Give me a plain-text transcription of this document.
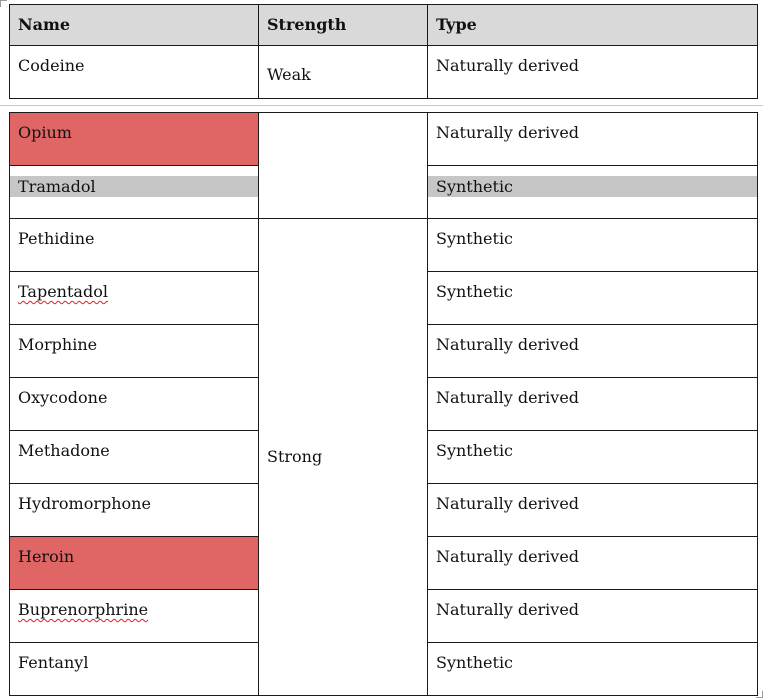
Name	Strength	Type

Codeine	Weak	Naturally derived
Opium		Naturally derived

Tramadol		Synthetic

Pethidine	Strong	Synthetic

Tapentadol		Synthetic

Morphine		Naturally derived

Oxycodone		Naturally derived

Methadone		Synthetic

Hydromorphone		Naturally derived

Heroin		Naturally derived

Buprenorphrine		Naturally derived

Fentanyl		Synthetic
